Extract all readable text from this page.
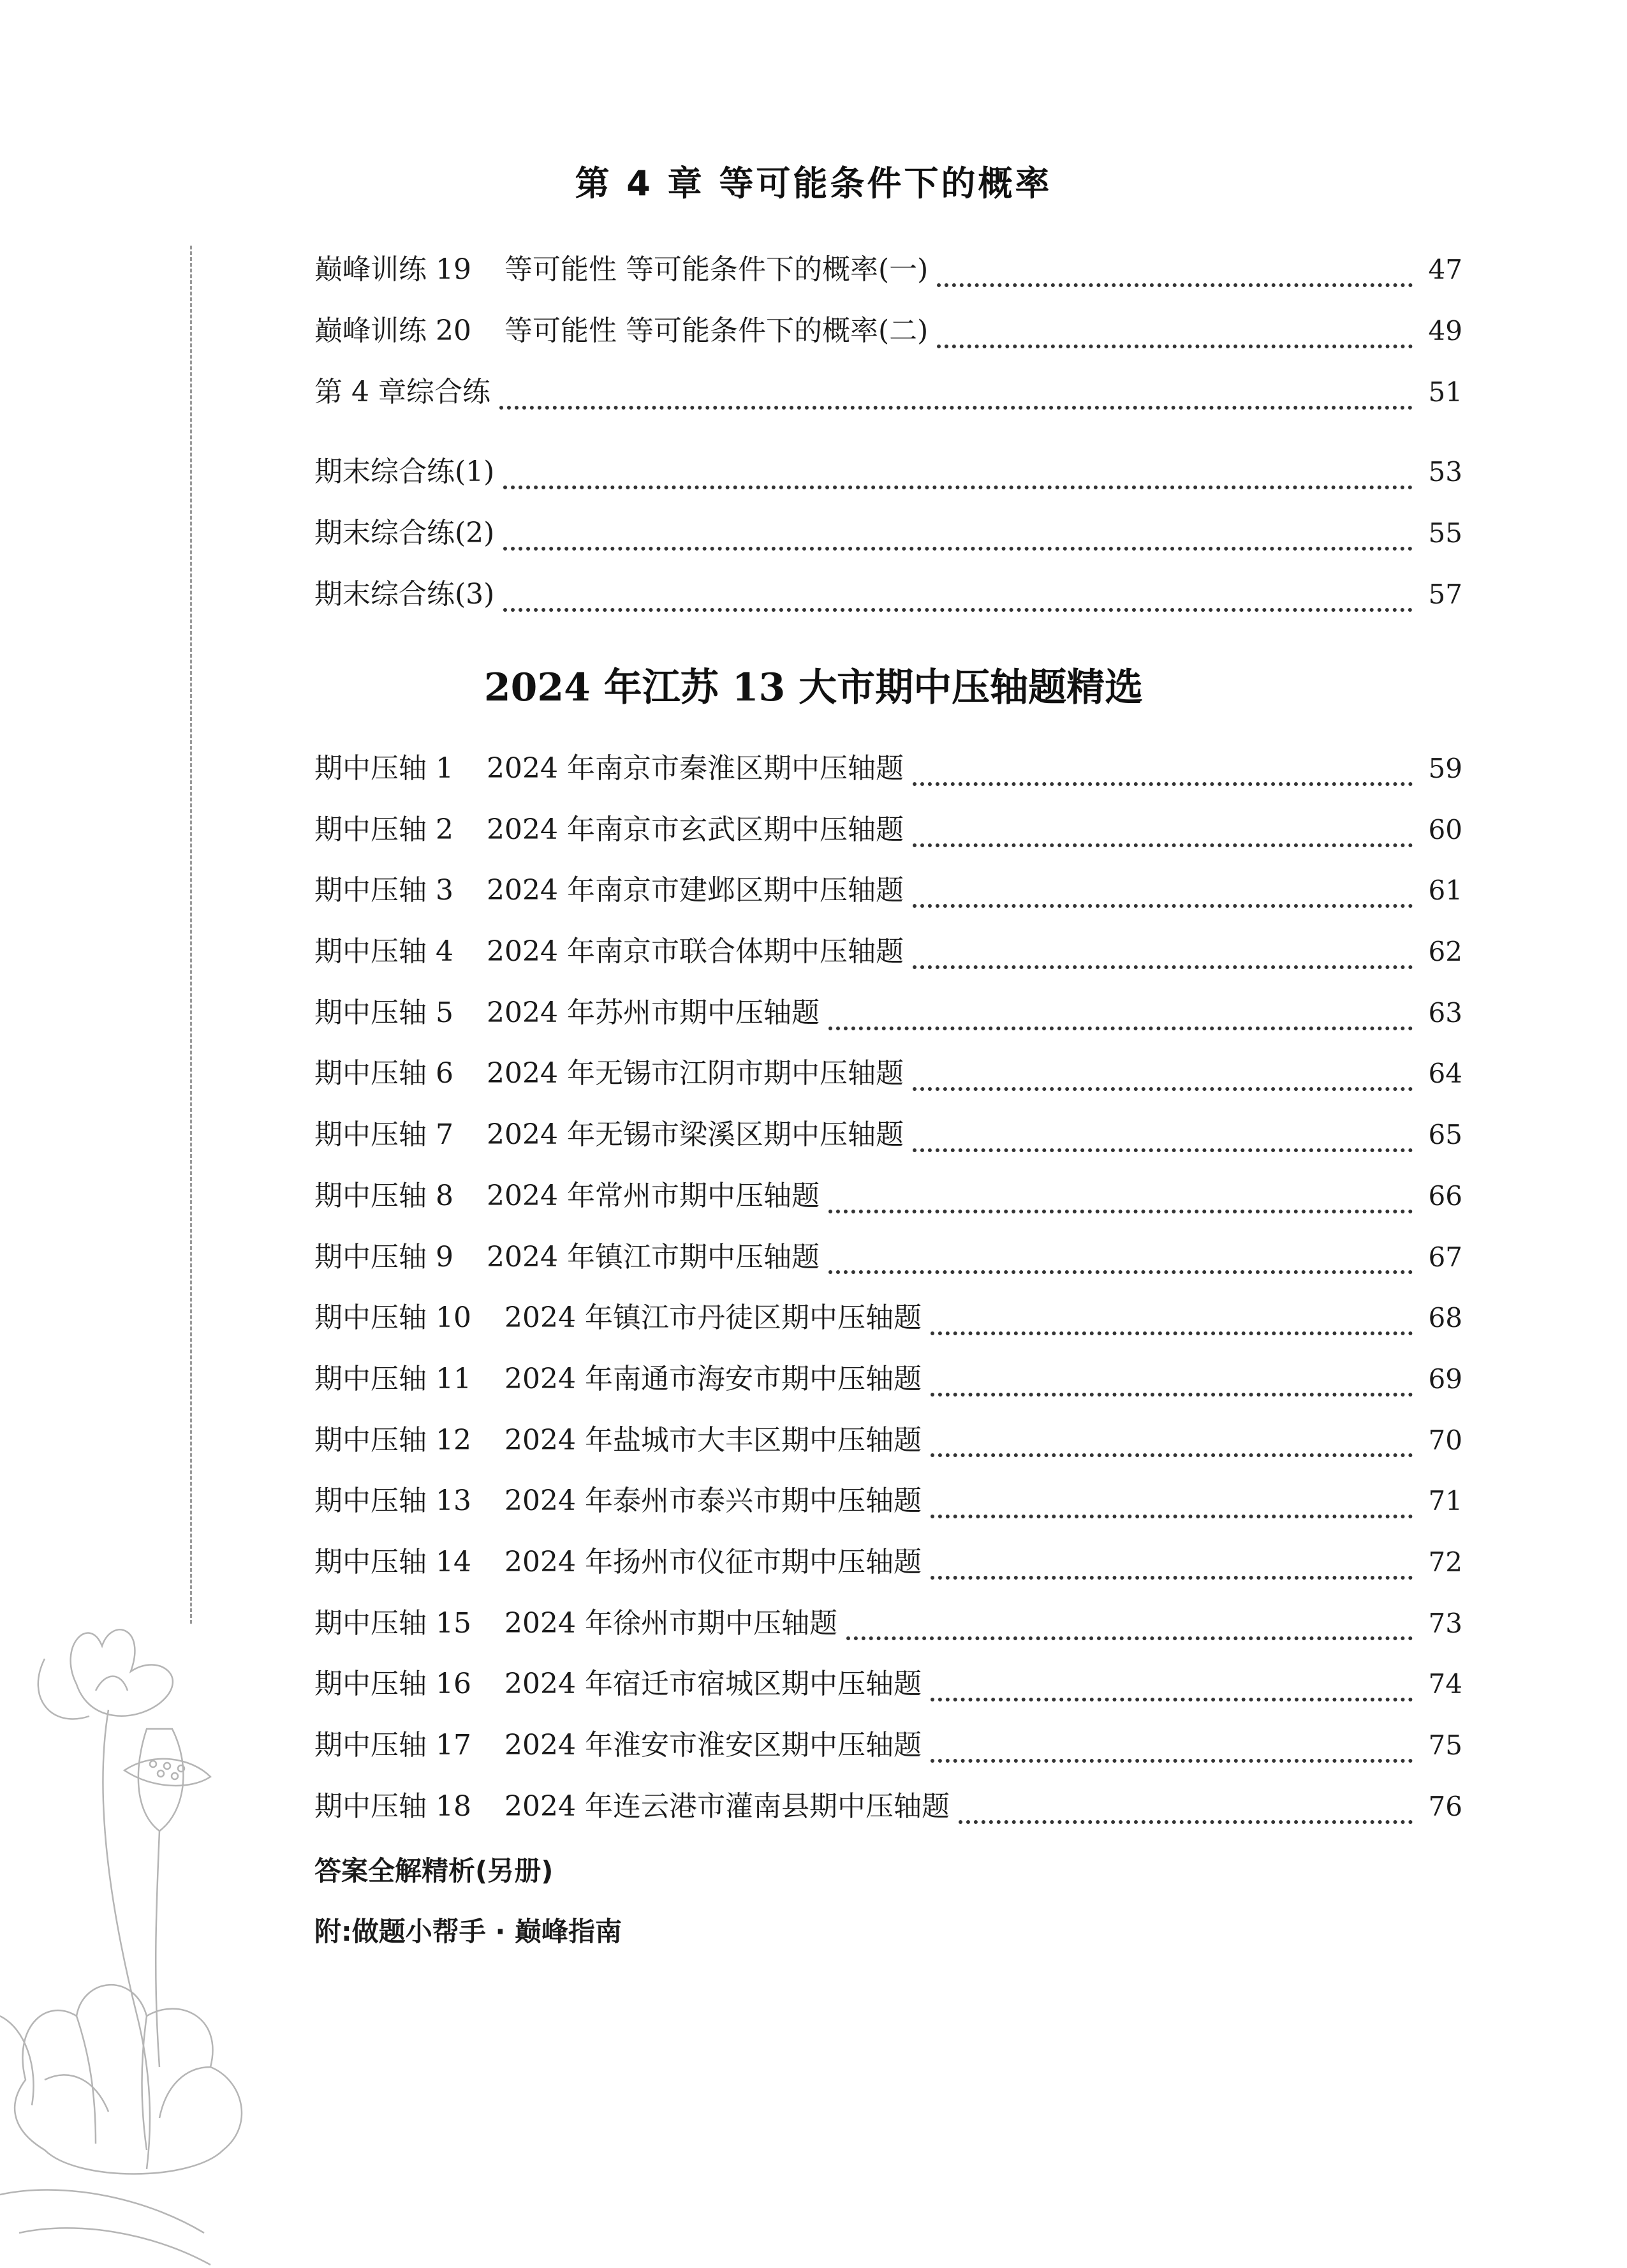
第 4 章 等可能条件下的概率
巅峰训练 19 等可能性 等可能条件下的概率(一)	47
巅峰训练 20 等可能性 等可能条件下的概率(二)	49
第 4 章综合练	51
期末综合练(1)	53
期末综合练(2)	55
期末综合练(3)	57
2024 年江苏 13 大市期中压轴题精选
期中压轴 1 2024 年南京市秦淮区期中压轴题	59
期中压轴 2 2024 年南京市玄武区期中压轴题	60
期中压轴 3 2024 年南京市建邺区期中压轴题	61
期中压轴 4 2024 年南京市联合体期中压轴题	62
期中压轴 5 2024 年苏州市期中压轴题	63
期中压轴 6 2024 年无锡市江阴市期中压轴题	64
期中压轴 7 2024 年无锡市梁溪区期中压轴题	65
期中压轴 8 2024 年常州市期中压轴题	66
期中压轴 9 2024 年镇江市期中压轴题	67
期中压轴 10 2024 年镇江市丹徒区期中压轴题	68
期中压轴 11 2024 年南通市海安市期中压轴题	69
期中压轴 12 2024 年盐城市大丰区期中压轴题	70
期中压轴 13 2024 年泰州市泰兴市期中压轴题	71
期中压轴 14 2024 年扬州市仪征市期中压轴题	72
期中压轴 15 2024 年徐州市期中压轴题	73
期中压轴 16 2024 年宿迁市宿城区期中压轴题	74
期中压轴 17 2024 年淮安市淮安区期中压轴题	75
期中压轴 18 2024 年连云港市灌南县期中压轴题	76

答案全解精析(另册)

附:做题小帮手 · 巅峰指南
